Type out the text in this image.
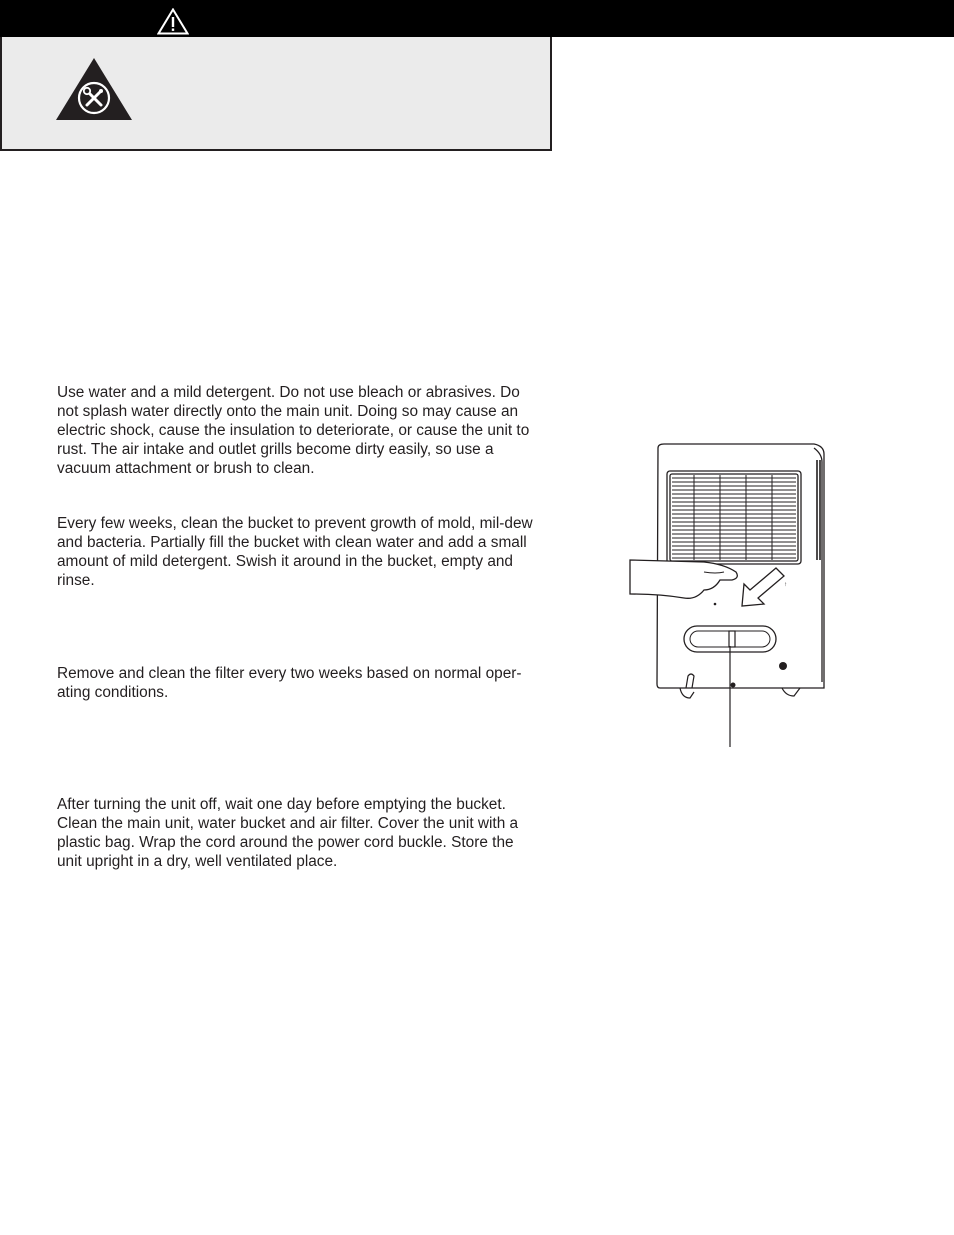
Use water and a mild detergent. Do not use bleach or abrasives. Do not splash water directly onto the main unit. Doing so may cause an electric shock, cause the insulation to deteriorate, or cause the unit to rust. The air intake and outlet grills become dirty easily, so use a vacuum attachment or brush to clean.

Every few weeks, clean the bucket to prevent growth of mold, mil-dew and bacteria. Partially fill the bucket with clean water and add a small amount of mild detergent. Swish it around in the bucket, empty and rinse.

Remove and clean the filter every two weeks based on normal oper-ating conditions.

After turning the unit off, wait one day before emptying the bucket. Clean the main unit, water bucket and air filter. Cover the unit with a plastic bag. Wrap the cord around the power cord buckle. Store the unit upright in a dry, well ventilated place.

↑
